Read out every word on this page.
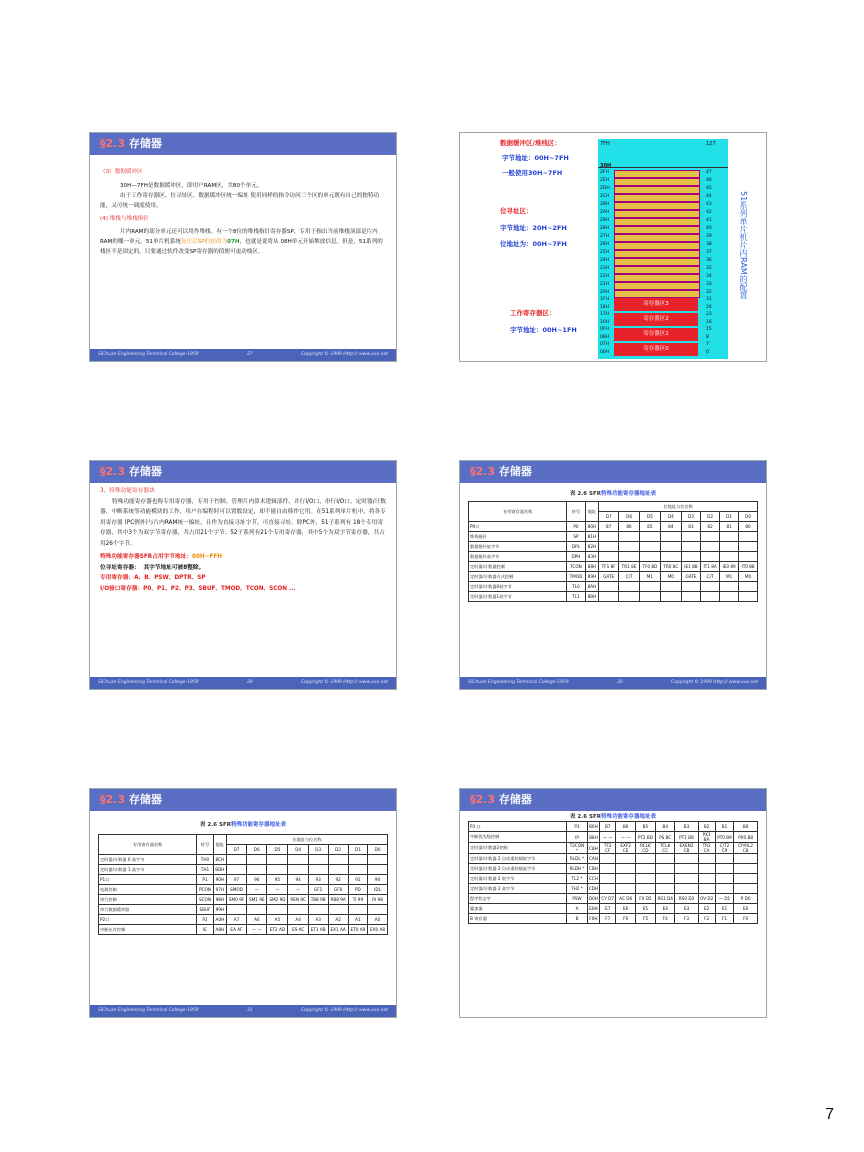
§2.3 存储器
（3）数据缓冲区
30H—7FH是数据缓冲区，即用户RAM区，共80个单元。
由于工作寄存器区、位寻址区、数据缓冲区统一编址 使用同样的指令访问三个区的单元既有自己的独特功能，又可统一调度使用。
(4) 堆栈与堆栈指针
片内RAM的部分单元还可以用作堆栈。有一个8位的堆栈指针寄存器SP，专用于指出当前堆栈顶部是片内RAM的哪一单元。51单片机系统复位后SP的初值为07H，也就是说将从 08H单元开始堆放信息。但是，51系列的栈区不是固定的，只要通过软件改变SP寄存器的值便可更动栈区。
SiChuan Engineering Technical College-1959	27	Copyright © 1999 Http:// www.xxx.net
数据缓冲区/堆栈区：
字节地址：00H~7FH
一般使用30H~7FH
位寻址区：
字节地址：20H~2FH
位地址为：00H~7FH
工作寄存器区：
字节地址：00H~1FH
7FH	127
30H
2FH	47
2EH	46
2DH	45
2CH	44
2BH	43
2AH	42
29H	41
28H	40
27H	39
26H	38
25H	37
24H	36
23H	35
22H	34
21H	33
20H	32
1FH
18H
寄存器区3
31
24
17H
10H
寄存器区2
23
16
0FH
08H
寄存器区1
15
8
07H
00H
寄存器区0
7
0
51系列单片机片内RAM的配置
§2.3 存储器
3、特殊功能寄存器块
特殊功能寄存器也称专用寄存器，专用于控制、管理片内算术逻辑部件、并行I/O口、串行I/O口、定时器/计数器、中断系统等功能模块的工作，用户在编程时可以置数设定，却不能自由移作它用。在51系列单片机中，将各专用寄存器 (PC例外)与片内RAM统一编址，且作为直接寻址字节，可直接寻址。除PC外，51子系列有 18个专用寄存器，其中3个为双字节寄存器，共占用21个字节；52子系列有21个专用寄存器，其中5个为双字节寄存器，共占用26个字节。
特殊功能寄存器SFR占用字节地址：80H~FFH
位寻址寄存器： 其字节地址可被8整除。
专用寄存器：A、B、PSW、DPTR、SP
I/O接口寄存器：P0、P1、P2、P3、SBUF、TMOD、TCON、SCON ...
SiChuan Engineering Technical College-1959	29	Copyright © 1999 Http:// www.xxx.net
§2.3 存储器
表 2.6 SFR特殊功能寄存器地址表
专用寄存器名称	符号	地址	位地址与位名称							
			D7	D6	D5	D4	D3	D2	D1	D0
P0口	P0	80H	87	86	85	84	83	82	81	80
堆栈指针	SP	81H								
数据指针低字节	DPL	82H								
数据指针高字节	DPH	83H								
定时器/计数器控制	TCON	88H	TF1 8F	TR1 8E	TF0 8D	TR0 8C	IE1 8B	IT1 8A	IE0 89	IT0 88
定时器/计数器方式控制	TMOD	89H	GATE	C/T	M1	M0	GATE	C/T	M1	M0
定时器/计数器0低字节	TL0	8AH								
定时器/计数器1低字节	TL1	8BH								
SiChuan Engineering Technical College-1959	30	Copyright © 1999 Http:// www.xxx.net
§2.3 存储器
表 2.6 SFR特殊功能寄存器地址表
专用寄存器名称	符号	地址	位地址与位名称							
			D7	D6	D5	D4	D3	D2	D1	D0
定时器/计数器 0 高字节	TH0	8CH								
定时器/计数器 1 高字节	TH1	8DH								
P1口	P1	90H	97	96	95	94	93	92	91	90
电源控制	PCON	97H	SMOD	—	—	—	GF1	GF0	PD	IDL
串行控制	SCON	98H	SM0 9F	SM1 9E	SM2 9D	REN 9C	TB8 9B	RB8 9A	TI 99	RI 98
串行数据缓冲器	SBUF	99H								
P2口	P2	A0H	A7	A6	A5	A4	A3	A2	A1	A0
中断允许控制	IE	A8H	EA AF	— —	ET2 AD	ES AC	ET1 AB	EX1 AA	ET0 A9	EX0 A8
SiChuan Engineering Technical College-1959	31	Copyright © 1999 Http:// www.xxx.net
§2.3 存储器
表 2.6 SFR特殊功能寄存器地址表
P3 口	P3	B0H	B7	B6	B5	B4	B3	B2	B1	B0
中断优先级控制	IP	B8H	— —	— —	PT2 BD	PS BC	PT1 BB	PX1 BA	PT0 B9	PX0 B8
定时器/计数器2控制	T2CON *	C8H	TF2 CF	EXF2 CE	RCLK CD	TCLK CC	EXEN2 CB	TR2 CA	C/T2 C9	CP/RL2 C8
定时器/计数器 2 自动重装载低字节	RLDL *	CAH								
定时器/计数器 2 自动重装载高字节	RLDH *	CBH								
定时器/计数器 2 低字节	TL2 *	CCH								
定时器/计数器 2 高字节	TH2 *	CDH								
程序状态字	PSW	D0H	CY D7	AC D6	F0 D5	RS1 D4	RS0 D3	OV D2	— D1	P D0
累加器	A	E0H	E7	E6	E5	E4	E3	E2	E1	E0
B 寄存器	B	F0H	F7	F6	F5	F4	F3	F2	F1	F0
7
